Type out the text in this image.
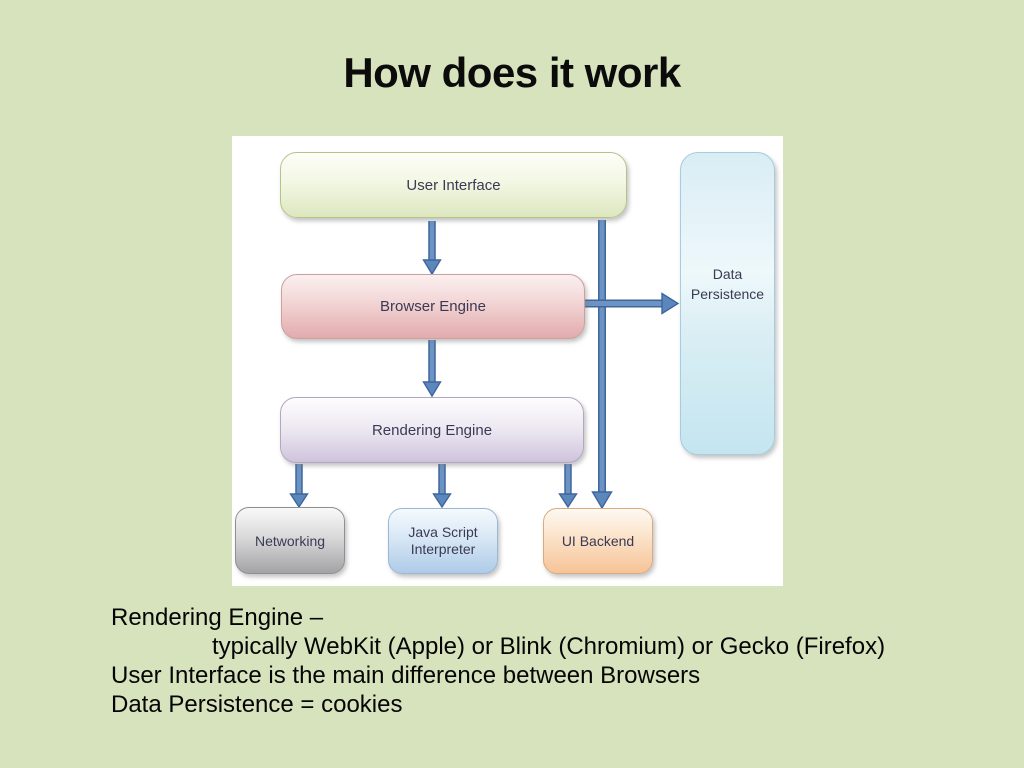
How does it work
User Interface
Browser Engine
Rendering Engine
Networking
Java Script Interpreter	UI Backend
Data Persistence
Rendering Engine –
typically WebKit (Apple) or Blink (Chromium) or Gecko (Firefox)
User Interface is the main difference between Browsers
Data Persistence = cookies
